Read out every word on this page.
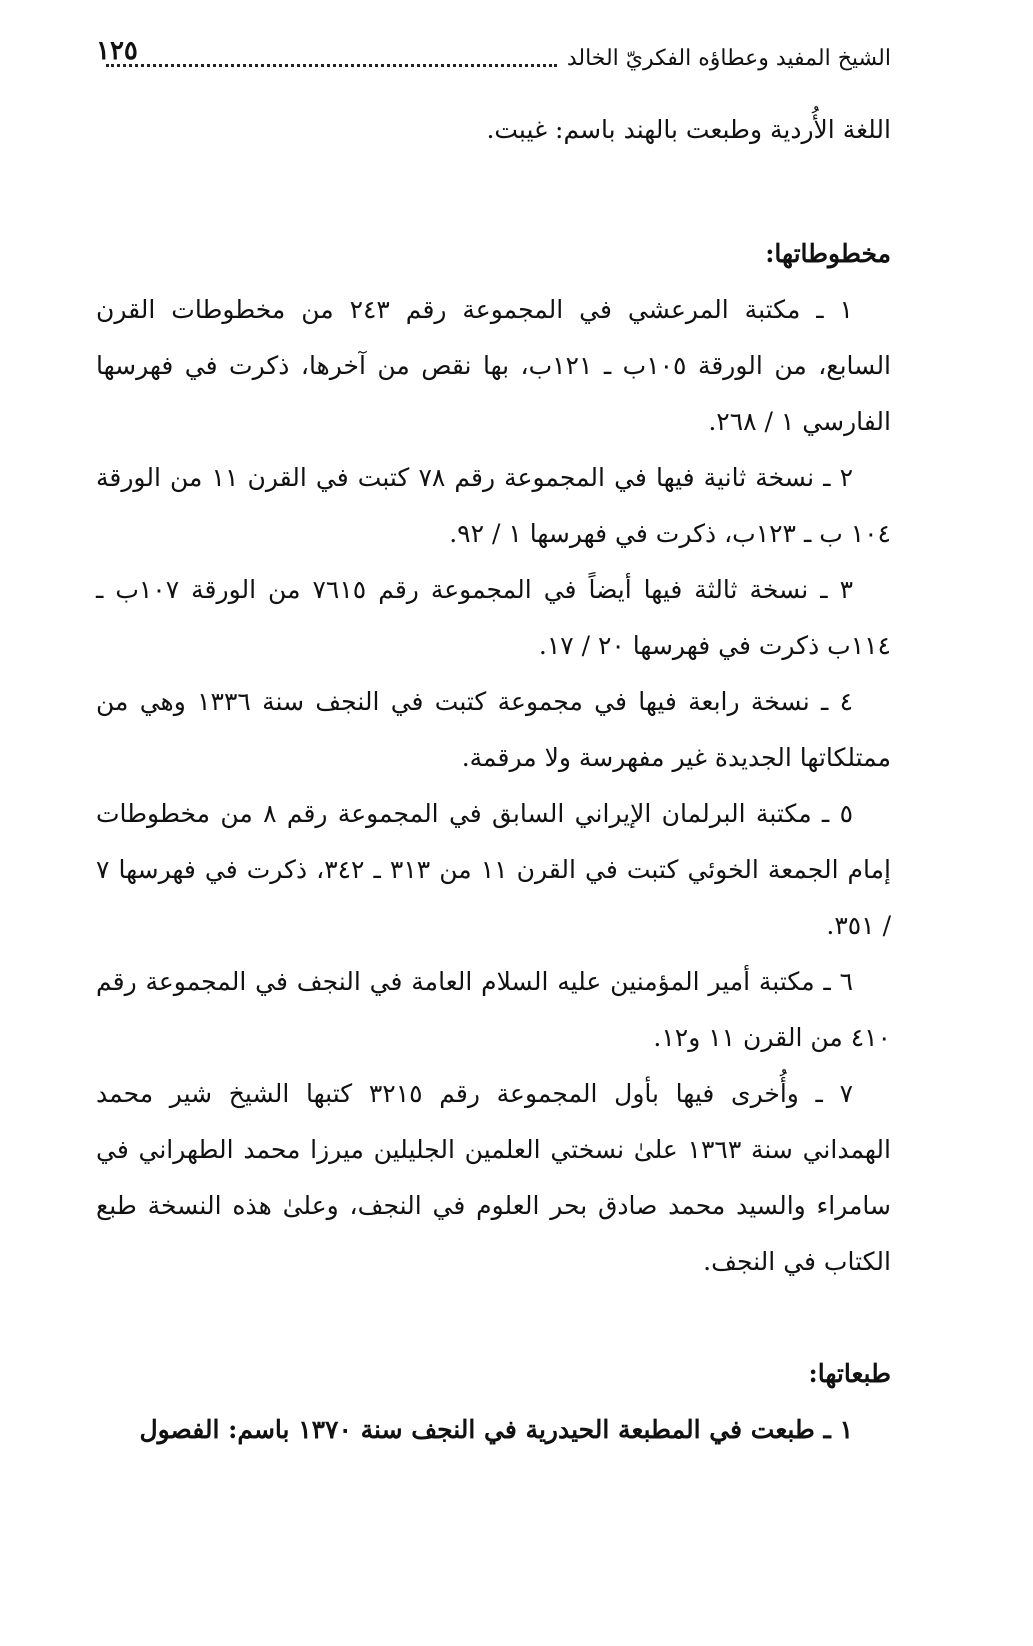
الشيخ المفيد وعطاؤه الفكريّ الخالد
١٢٥

اللغة الأُردية وطبعت بالهند باسم: غيبت.

مخطوطاتها:

١ ـ مكتبة المرعشي في المجموعة رقم ٢٤٣ من مخطوطات القرن السابع، من الورقة ١٠٥ب ـ ١٢١ب، بها نقص من آخرها، ذكرت في فهرسها الفارسي ١ / ٢٦٨.

٢ ـ نسخة ثانية فيها في المجموعة رقم ٧٨ كتبت في القرن ١١ من الورقة ١٠٤ ب ـ ١٢٣ب، ذكرت في فهرسها ١ / ٩٢.

٣ ـ نسخة ثالثة فيها أيضاً في المجموعة رقم ٧٦١٥ من الورقة ١٠٧ب ـ ١١٤ب ذكرت في فهرسها ٢٠ / ١٧.

٤ ـ نسخة رابعة فيها في مجموعة كتبت في النجف سنة ١٣٣٦ وهي من ممتلكاتها الجديدة غير مفهرسة ولا مرقمة.

٥ ـ مكتبة البرلمان الإيراني السابق في المجموعة رقم ٨ من مخطوطات إمام الجمعة الخوئي كتبت في القرن ١١ من ٣١٣ ـ ٣٤٢، ذكرت في فهرسها ٧ / ٣٥١.

٦ ـ مكتبة أمير المؤمنين عليه السلام العامة في النجف في المجموعة رقم ٤١٠ من القرن ١١ و١٢.

٧ ـ وأُخرى فيها بأول المجموعة رقم ٣٢١٥ كتبها الشيخ شير محمد الهمداني سنة ١٣٦٣ علىٰ نسختي العلمين الجليلين ميرزا محمد الطهراني في سامراء والسيد محمد صادق بحر العلوم في النجف، وعلىٰ هذه النسخة طبع الكتاب في النجف.

طبعاتها:

١ ـ طبعت في المطبعة الحيدرية في النجف سنة ١٣٧٠ باسم: الفصول
